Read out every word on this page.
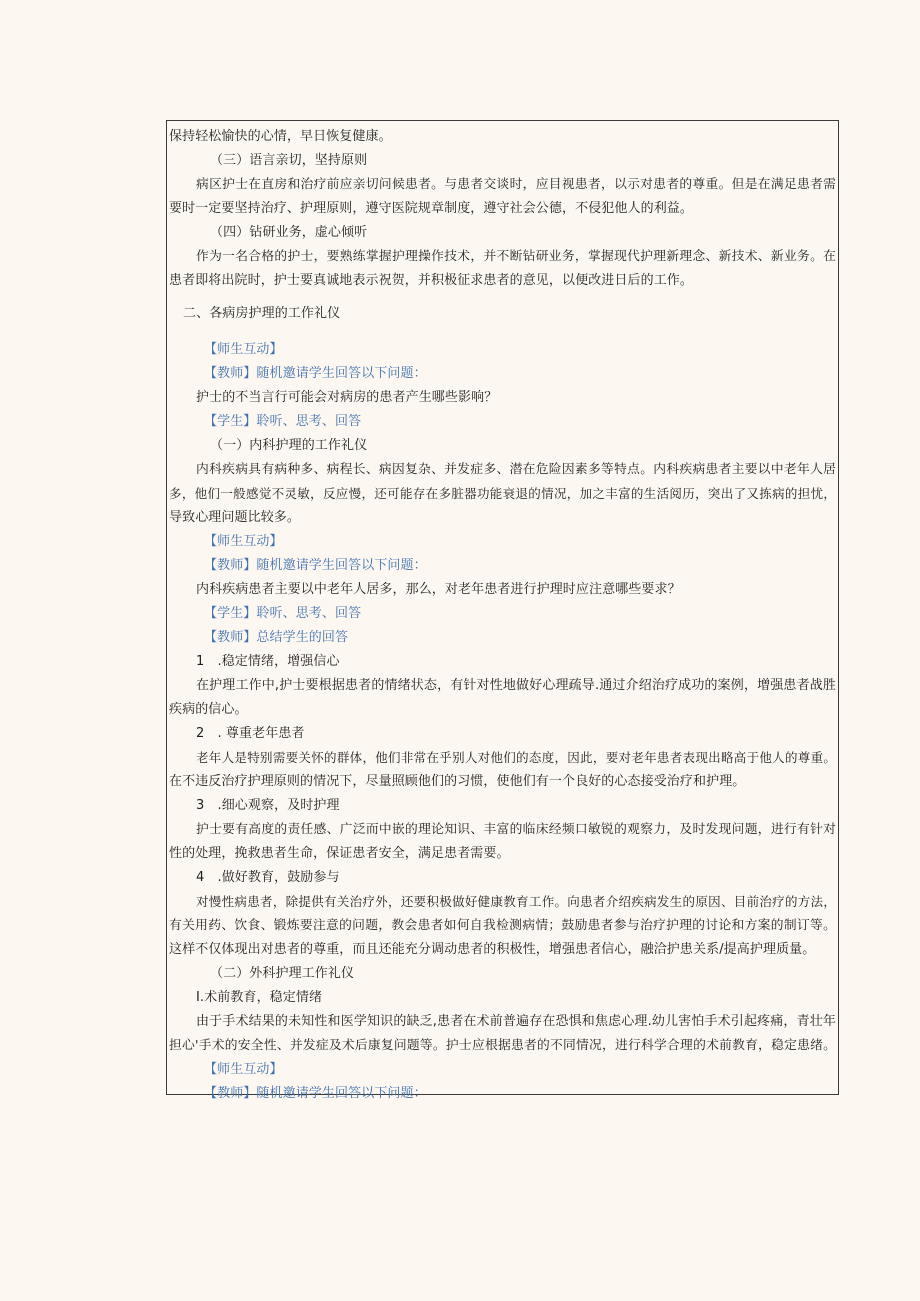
保持轻松愉快的心情，早日恢复健康。
（三）语言亲切，坚持原则
病区护士在直房和治疗前应亲切问候患者。与患者交谈时，应目视患者，以示对患者的尊重。但是在满足患者需
要时一定要坚持治疗、护理原则，遵守医院规章制度，遵守社会公德，不侵犯他人的利益。
（四）钻研业务，虚心倾听
作为一名合格的护士，要熟练掌握护理操作技术，并不断钻研业务，掌握现代护理新理念、新技术、新业务。在
患者即将出院时，护士要真诚地表示祝贺，并积极征求患者的意见，以便改进日后的工作。
二、各病房护理的工作礼仪
【师生互动】
【教师】随机邀请学生回答以下问题：
护士的不当言行可能会对病房的患者产生哪些影响？
【学生】聆听、思考、回答
（一）内科护理的工作礼仪
内科疾病具有病种多、病程长、病因复杂、并发症多、潜在危险因素多等特点。内科疾病患者主要以中老年人居
多，他们一般感觉不灵敏，反应慢，还可能存在多脏器功能衰退的情况，加之丰富的生活阅历，突出了又拣病的担忧，
导致心理问题比较多。
【师生互动】
【教师】随机邀请学生回答以下问题：
内科疾病患者主要以中老年人居多，那么，对老年患者进行护理时应注意哪些要求？
【学生】聆听、思考、回答
【教师】总结学生的回答
1　.稳定情绪，增强信心
在护理工作中,护士要根据患者的情绪状态，有针对性地做好心理疏导.通过介绍治疗成功的案例，增强患者战胜
疾病的信心。
2　. 尊重老年患者
老年人是特别需要关怀的群体，他们非常在乎别人对他们的态度，因此，要对老年患者表现出略高于他人的尊重。
在不违反治疗护理原则的情况下，尽量照顾他们的习惯，使他们有一个良好的心态接受治疗和护理。
3　.细心观察，及时护理
护士要有高度的责任感、广泛而中嵌的理论知识、丰富的临床经频口敏锐的观察力，及时发现问题，进行有针对
性的处理，挽救患者生命，保证患者安全，满足患者需要。
4　.做好教育，鼓励参与
对慢性病患者，除提供有关治疗外，还要积极做好健康教育工作。向患者介绍疾病发生的原因、目前治疗的方法，
有关用药、饮食、锻炼要注意的问题，教会患者如何自我检测病情；鼓励患者参与治疗护理的讨论和方案的制订等。
这样不仅体现出对患者的尊重，而且还能充分调动患者的积极性，增强患者信心，融洽护患关系/提高护理质量。
（二）外科护理工作礼仪
I.术前教育，稳定情绪
由于手术结果的未知性和医学知识的缺乏,患者在术前普遍存在恐惧和焦虑心理.幼儿害怕手术引起疼痛，青壮年
担心'手术的安全性、并发症及术后康复问题等。护士应根据患者的不同情况，进行科学合理的术前教育，稳定患绪。
【师生互动】
【教师】随机邀请学生回答以下问题：
